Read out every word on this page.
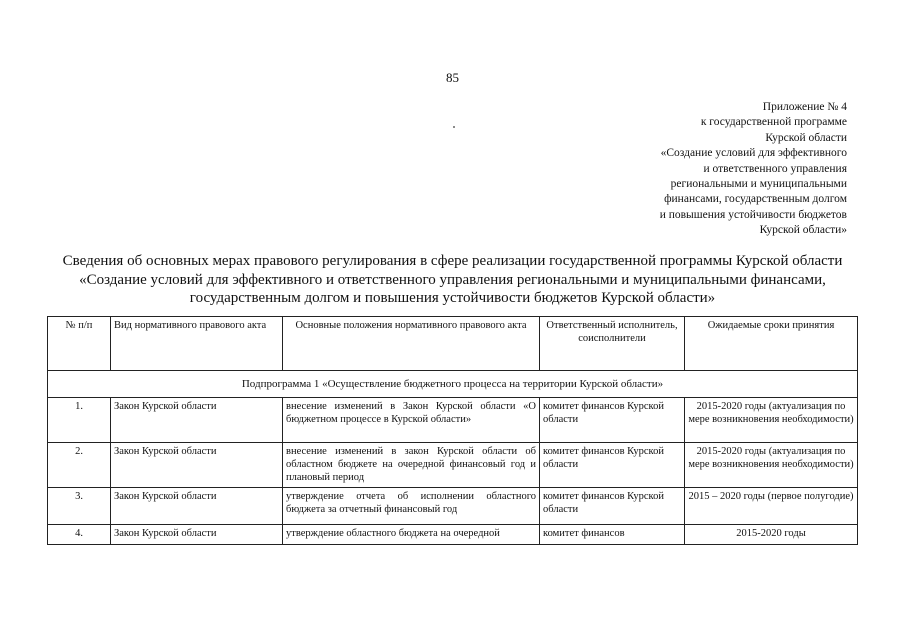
85
Приложение № 4
к государственной программе
Курской области
«Создание условий для эффективного
и ответственного управления
региональными и муниципальными
финансами, государственным долгом
и повышения устойчивости бюджетов
Курской области»
Сведения об основных мерах правового регулирования в сфере реализации государственной программы Курской области «Создание условий для эффективного и ответственного управления региональными и муниципальными финансами, государственным долгом и повышения устойчивости бюджетов Курской области»
№ п/п	Вид нормативного правового акта	Основные положения нормативного правового акта	Ответственный исполнитель, соисполнители	Ожидаемые сроки принятия
Подпрограмма 1 «Осуществление бюджетного процесса на территории Курской области»				
1.	Закон Курской области	внесение изменений в Закон Курской области «О бюджетном процессе в Курской области»	комитет финансов Курской области	2015-2020 годы (актуализация по мере возникновения необходимости)
2.	Закон Курской области	внесение изменений в закон Курской области об областном бюджете на очередной финансовый год и плановый период	комитет финансов Курской области	2015-2020 годы (актуализация по мере возникновения необходимости)
3.	Закон Курской области	утверждение отчета об исполнении областного бюджета за отчетный финансовый год	комитет финансов Курской области	2015 – 2020 годы (первое полугодие)
4.	Закон Курской области	утверждение областного бюджета на очередной	комитет финансов	2015-2020 годы
